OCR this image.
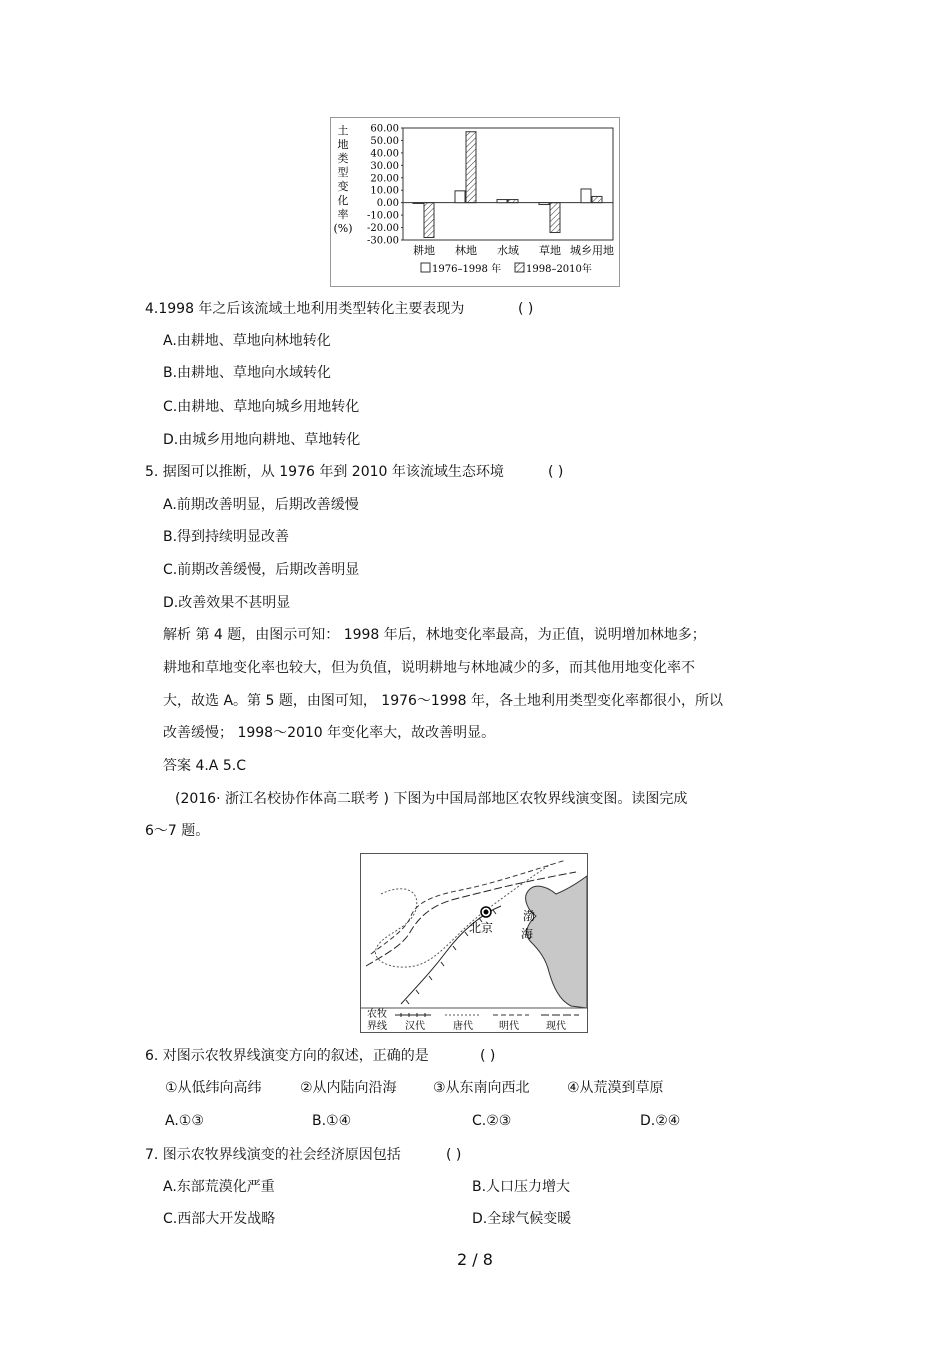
土
地
类
型
变
化
率
(%)
60.00
50.00
40.00
30.00
20.00
10.00
0.00
-10.00
-20.00
-30.00
耕地 林地 水域 草地 城乡用地
1976–1998 年 1998–2010年
4.1998 年之后该流域土地利用类型转化主要表现为	( )
A.由耕地、草地向林地转化
B.由耕地、草地向水域转化
C.由耕地、草地向城乡用地转化
D.由城乡用地向耕地、草地转化
5. 据图可以推断，从 1976 年到 2010 年该流域生态环境	( )
A.前期改善明显，后期改善缓慢
B.得到持续明显改善
C.前期改善缓慢，后期改善明显
D.改善效果不甚明显
解析 第 4 题，由图示可知： 1998 年后，林地变化率最高，为正值，说明增加林地多；
耕地和草地变化率也较大，但为负值，说明耕地与林地减少的多，而其他用地变化率不
大，故选 A。第 5 题，由图可知， 1976～1998 年，各土地利用类型变化率都很小，所以
改善缓慢； 1998～2010 年变化率大，故改善明显。
答案 4.A 5.C
(2016· 浙江名校协作体高二联考 ) 下图为中国局部地区农牧界线演变图。读图完成
6～7 题。
北京
渤
海
农牧
界线 汉代	唐代	明代	现代
6. 对图示农牧界线演变方向的叙述，正确的是	( )
①从低纬向高纬	②从内陆向沿海	③从东南向西北	④从荒漠到草原
A.①③	B.①④	C.②③	D.②④
7. 图示农牧界线演变的社会经济原因包括	( )
A.东部荒漠化严重	B.人口压力增大
C.西部大开发战略	D.全球气候变暖
2 / 8
